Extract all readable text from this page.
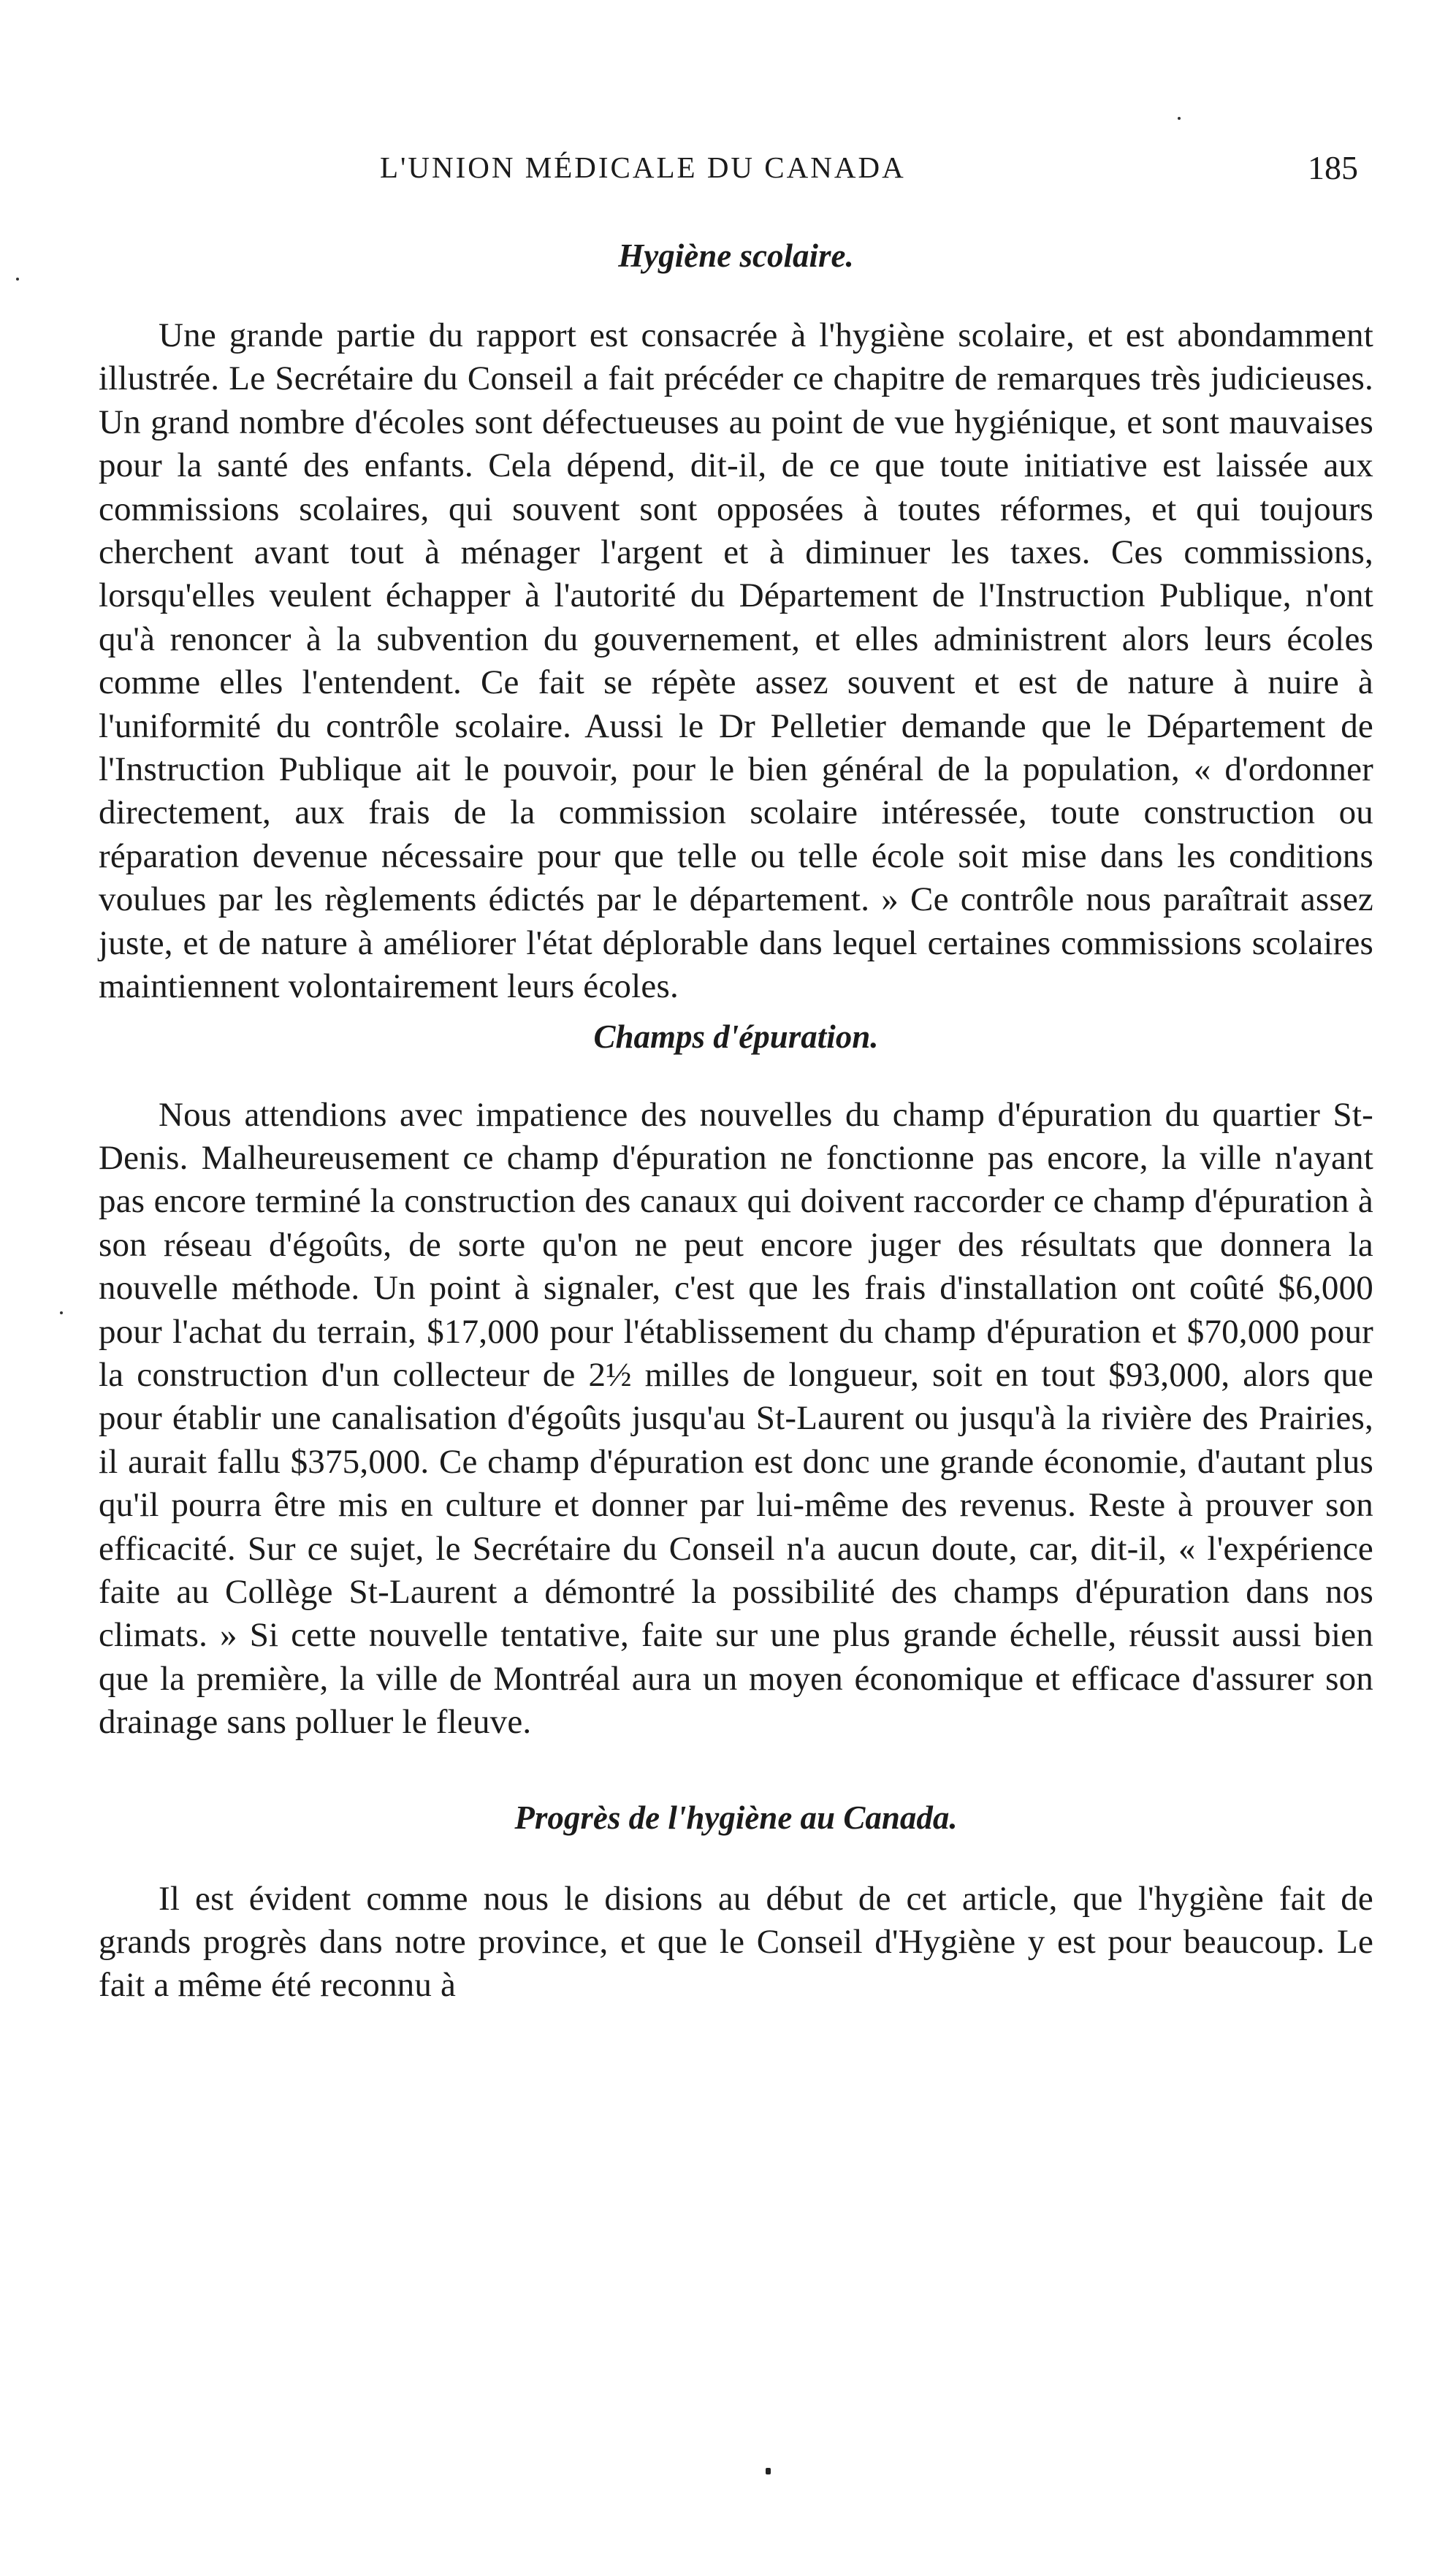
L'UNION MÉDICALE DU CANADA	185
Hygiène scolaire.

Une grande partie du rapport est consacrée à l'hygiène scolaire, et est abondamment illustrée. Le Secrétaire du Conseil a fait précéder ce chapitre de remarques très judicieuses. Un grand nombre d'écoles sont défectueuses au point de vue hygiénique, et sont mauvaises pour la santé des enfants. Cela dépend, dit-il, de ce que toute initiative est laissée aux commissions scolaires, qui souvent sont opposées à toutes réformes, et qui toujours cherchent avant tout à ménager l'argent et à diminuer les taxes. Ces commissions, lorsqu'elles veulent échapper à l'autorité du Département de l'Instruction Publique, n'ont qu'à renoncer à la subvention du gouvernement, et elles administrent alors leurs écoles comme elles l'entendent. Ce fait se répète assez souvent et est de nature à nuire à l'uniformité du contrôle scolaire. Aussi le Dr Pelletier demande que le Département de l'Instruction Publique ait le pouvoir, pour le bien général de la population, « d'ordonner directement, aux frais de la commission scolaire intéressée, toute construction ou réparation devenue nécessaire pour que telle ou telle école soit mise dans les conditions voulues par les règlements édictés par le département. » Ce contrôle nous paraîtrait assez juste, et de nature à améliorer l'état déplorable dans lequel certaines commissions scolaires maintiennent volontairement leurs écoles.

Champs d'épuration.

Nous attendions avec impatience des nouvelles du champ d'épuration du quartier St-Denis. Malheureusement ce champ d'épuration ne fonctionne pas encore, la ville n'ayant pas encore terminé la construction des canaux qui doivent raccorder ce champ d'épuration à son réseau d'égoûts, de sorte qu'on ne peut encore juger des résultats que donnera la nouvelle méthode. Un point à signaler, c'est que les frais d'installation ont coûté $6,000 pour l'achat du terrain, $17,000 pour l'établissement du champ d'épuration et $70,000 pour la construction d'un collecteur de 2½ milles de longueur, soit en tout $93,000, alors que pour établir une canalisation d'égoûts jusqu'au St-Laurent ou jusqu'à la rivière des Prairies, il aurait fallu $375,000. Ce champ d'épuration est donc une grande économie, d'autant plus qu'il pourra être mis en culture et donner par lui-même des revenus. Reste à prouver son efficacité. Sur ce sujet, le Secrétaire du Conseil n'a aucun doute, car, dit-il, « l'expérience faite au Collège St-Laurent a démontré la possibilité des champs d'épuration dans nos climats. » Si cette nouvelle tentative, faite sur une plus grande échelle, réussit aussi bien que la première, la ville de Montréal aura un moyen économique et efficace d'assurer son drainage sans polluer le fleuve.

Progrès de l'hygiène au Canada.

Il est évident comme nous le disions au début de cet article, que l'hygiène fait de grands progrès dans notre province, et que le Conseil d'Hygiène y est pour beaucoup. Le fait a même été reconnu à
